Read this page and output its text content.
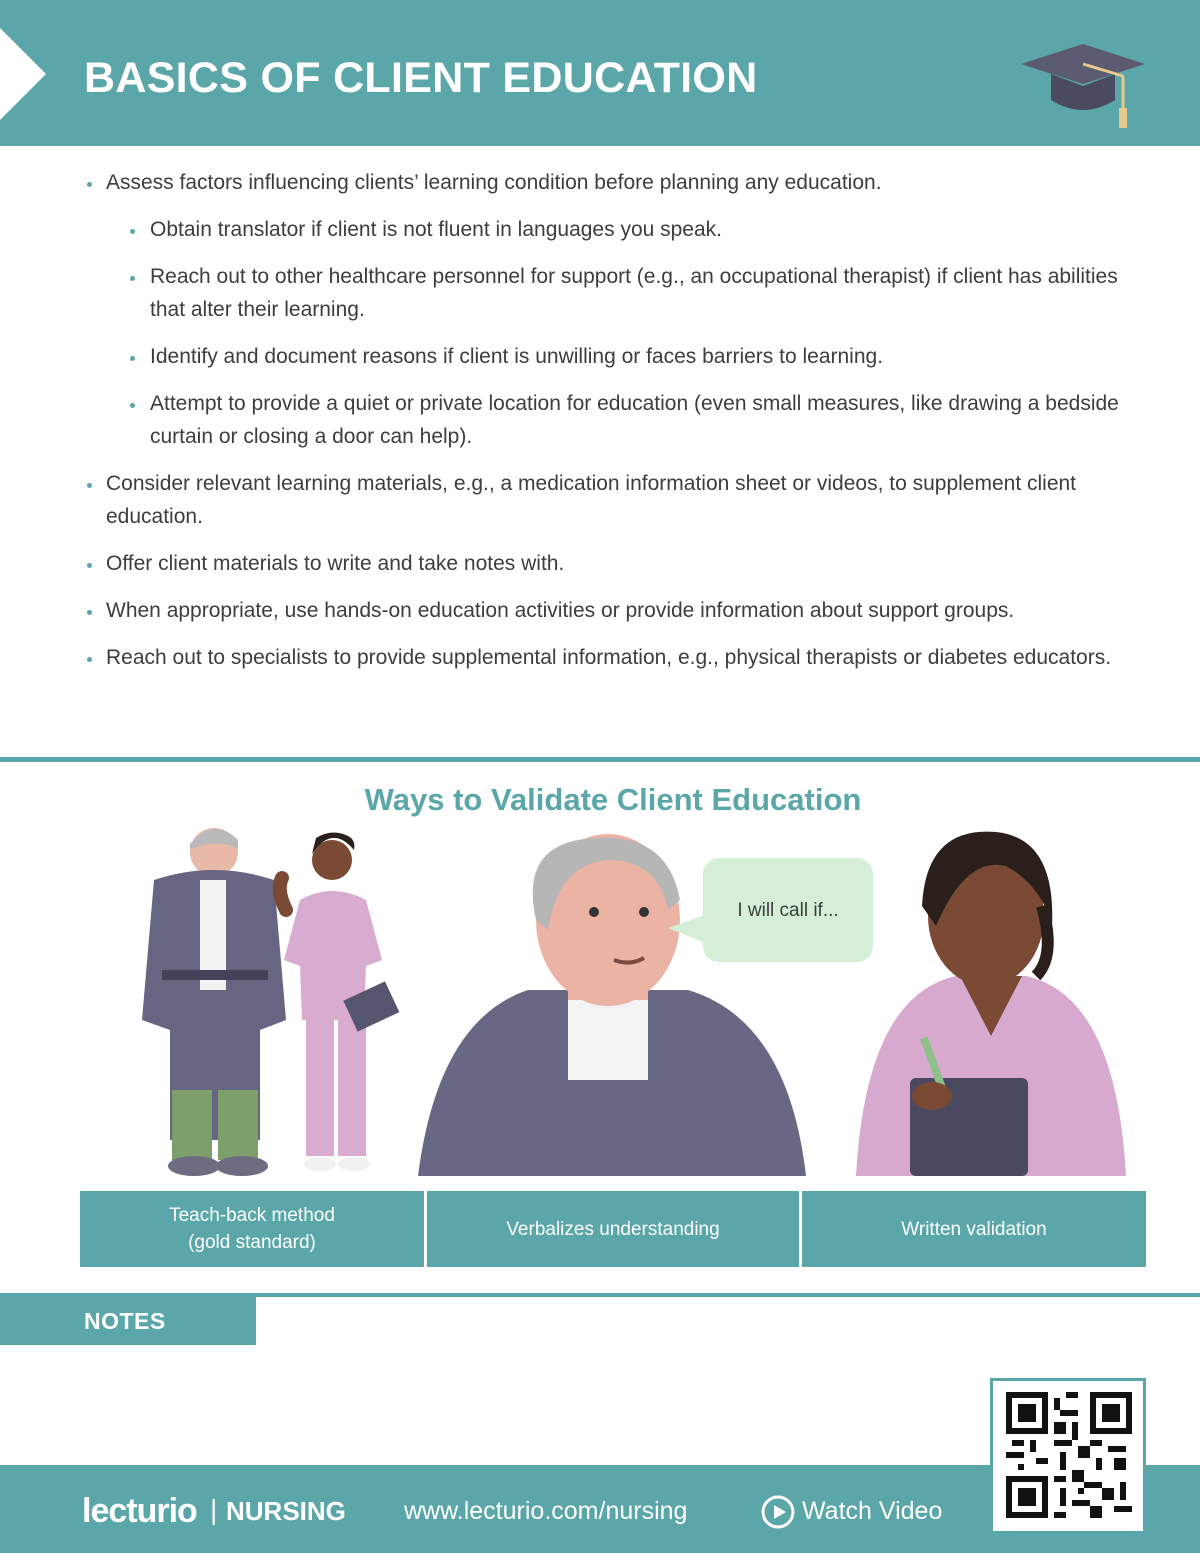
BASICS OF CLIENT EDUCATION
Assess factors influencing clients’ learning condition before planning any education.
Obtain translator if client is not fluent in languages you speak.
Reach out to other healthcare personnel for support (e.g., an occupational therapist) if client has abilities that alter their learning.
Identify and document reasons if client is unwilling or faces barriers to learning.
Attempt to provide a quiet or private location for education (even small measures, like drawing a bedside curtain or closing a door can help).
Consider relevant learning materials, e.g., a medication information sheet or videos, to supplement client education.
Offer client materials to write and take notes with.
When appropriate, use hands-on education activities or provide information about support groups.
Reach out to specialists to provide supplemental information, e.g., physical therapists or diabetes educators.
Ways to Validate Client Education
I will call if...
Teach-back method
(gold standard)
Verbalizes understanding	Written validation
NOTES
lecturio | NURSING www.lecturio.com/nursing	Watch Video
